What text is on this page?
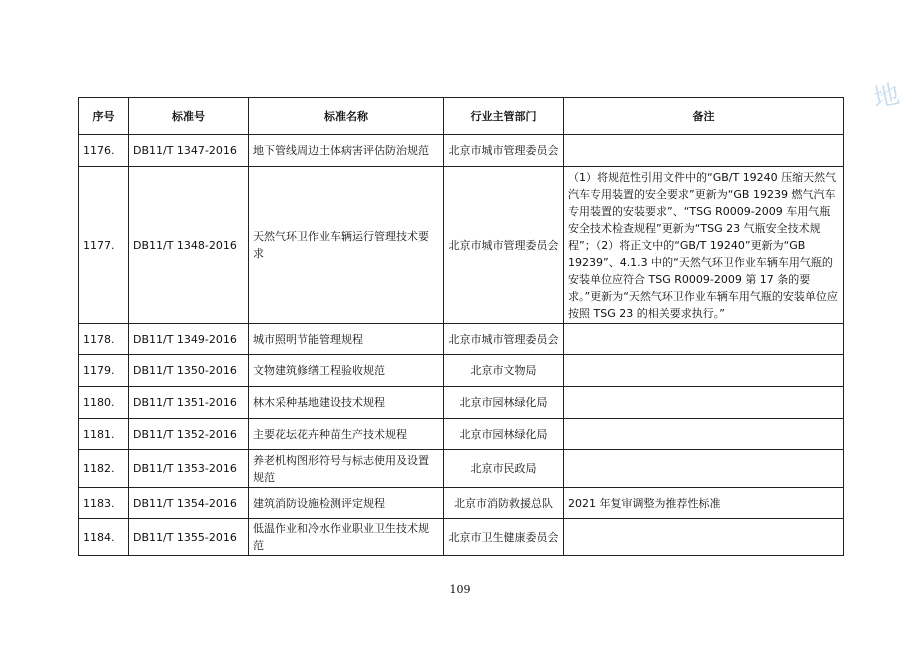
地
序号	标准号	标准名称	行业主管部门	备注
1176.	DB11/T 1347-2016	地下管线周边土体病害评估防治规范	北京市城市管理委员会	
1177.	DB11/T 1348-2016	天然气环卫作业车辆运行管理技术要求	北京市城市管理委员会	（1）将规范性引用文件中的“GB/T 19240 压缩天然气汽车专用装置的安全要求”更新为“GB 19239 燃气汽车专用装置的安装要求”、“TSG R0009-2009 车用气瓶安全技术检查规程”更新为“TSG 23 气瓶安全技术规程”；（2）将正文中的“GB/T 19240”更新为“GB 19239”、4.1.3 中的“天然气环卫作业车辆车用气瓶的安装单位应符合 TSG R0009-2009 第 17 条的要求。”更新为“天然气环卫作业车辆车用气瓶的安装单位应按照 TSG 23 的相关要求执行。”
1178.	DB11/T 1349-2016	城市照明节能管理规程	北京市城市管理委员会	
1179.	DB11/T 1350-2016	文物建筑修缮工程验收规范	北京市文物局	
1180.	DB11/T 1351-2016	林木采种基地建设技术规程	北京市园林绿化局	
1181.	DB11/T 1352-2016	主要花坛花卉种苗生产技术规程	北京市园林绿化局	
1182.	DB11/T 1353-2016	养老机构图形符号与标志使用及设置规范	北京市民政局	
1183.	DB11/T 1354-2016	建筑消防设施检测评定规程	北京市消防救援总队	2021 年复审调整为推荐性标准
1184.	DB11/T 1355-2016	低温作业和冷水作业职业卫生技术规范	北京市卫生健康委员会	
109
